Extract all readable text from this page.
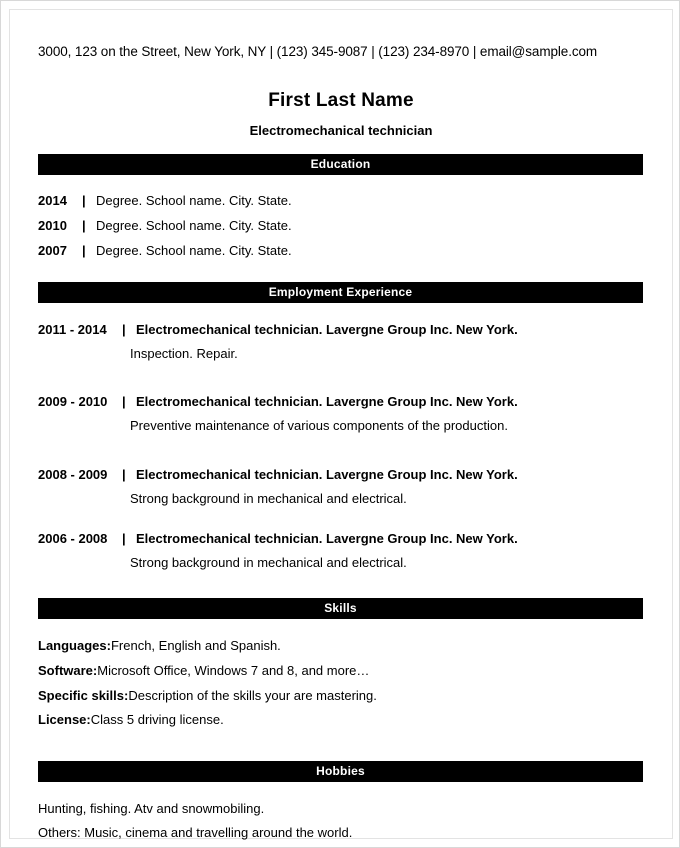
3000, 123 on the Street, New York, NY | (123) 345-9087 | (123) 234-8970 | email@sample.com
First Last Name
Electromechanical technician
Education
2014 | Degree. School name. City. State.
2010 | Degree. School name. City. State.
2007 | Degree. School name. City. State.
Employment Experience
2011 - 2014 | Electromechanical technician. Lavergne Group Inc. New York.
Inspection. Repair.
2009 - 2010 | Electromechanical technician. Lavergne Group Inc. New York.
Preventive maintenance of various components of the production.
2008 - 2009 | Electromechanical technician. Lavergne Group Inc. New York.
Strong background in mechanical and electrical.
2006 - 2008 | Electromechanical technician. Lavergne Group Inc. New York.
Strong background in mechanical and electrical.
Skills
Languages:French, English and Spanish.
Software:Microsoft Office, Windows 7 and 8, and more…
Specific skills:Description of the skills your are mastering.
License:Class 5 driving license.
Hobbies
Hunting, fishing. Atv and snowmobiling.
Others: Music, cinema and travelling around the world.
